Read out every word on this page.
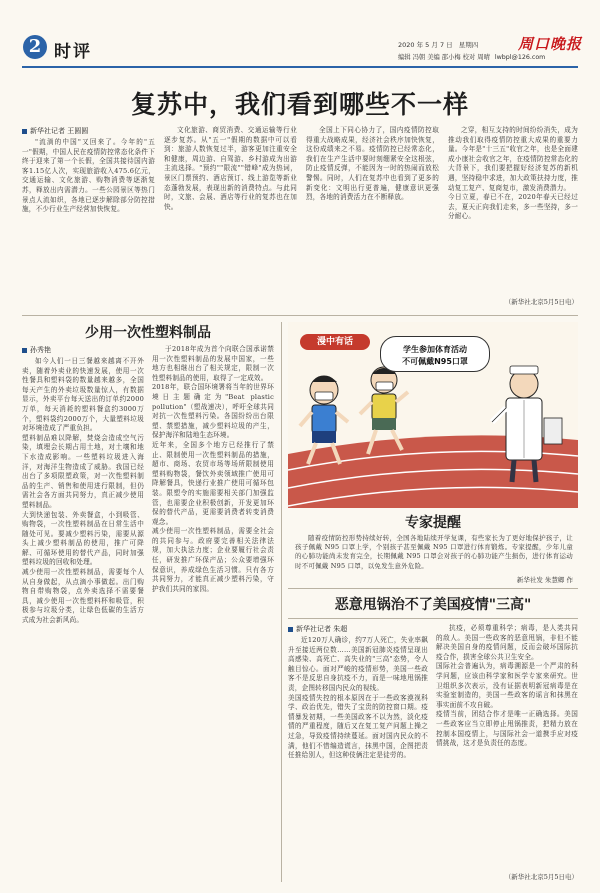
2 时评	2020 年 5 月 7 日 星期四
编辑 冯朝 美编 邵小梅 校对 周晴 lwbpl@126.com
周口晚报
复苏中，我们看到哪些不一样
新华社记者 王圆圆
"流淌的中国"又回来了。今年的"五一"假期，中国人民在疫情防控常态化条件下终于迎来了第一个长假，全国共接待国内游客1.15亿人次，实现旅游收入475.6亿元，交通运输、文化旅游、购物消费等逐渐复苏，释放出内需潜力。一些公园景区等热门景点人流如织，各地已逐步解除部分防控措施，不少行业生产经营加快恢复。
文化旅游、商贸消费、交通运输等行业逐步复苏。从"五一"假期的数据中可以看到：旅游人数恢复过半，游客更加注重安全和健康，周边游、自驾游、乡村游成为出游主流选择。"预约""限流""错峰"成为热词，景区门票预约、酒店预订、线上游览等新业态蓬勃发展，表现出新的消费特点。与此同时，文旅、会展、酒店等行业的复苏也在加快。
全国上下同心协力了，国内疫情防控取得重大战略成果，经济社会秩序加快恢复，这份成绩来之不易。疫情防控已经常态化，我们在生产生活中要时刻绷紧安全这根弦，防止疫情反弹，不能因为一时的热闹而放松警惕。同时，人们在复苏中也看到了更多的新变化：文明出行更普遍，健康意识更强烈，各地的消费活力在不断释放。
之穿，相互支持的时间纷纷消失，成为推动我们取得疫情防控重大成果的重要力量。今年是"十三五"收官之年，也是全面建成小康社会收官之年，在疫情防控常态化的大背景下，我们要把握好经济复苏的新机遇，坚持稳中求进，加大政策扶持力度，推动复工复产、复商复市，激发消费潜力。
今日立夏，春已不在，2020年春天已经过去，夏天正向我们走来，多一些坚持，多一分耐心。
（新华社北京5月5日电）
少用一次性塑料制品
孙秀艳
如今人们一日三餐越来越离不开外卖，随着外卖业的快速发展，使用一次性餐具和塑料袋的数量越来越多，全国每天产生的外卖垃圾数量惊人，有数据显示，外卖平台每天送出的订单约2000万单，每天消耗的塑料餐盒约3000万个，塑料袋约2000万个，大量塑料垃圾对环境造成了严重负担。
塑料制品难以降解，焚烧会造成空气污染，填埋会长期占用土地，对土壤和地下水造成影响。一些塑料垃圾进入海洋，对海洋生物造成了威胁。我国已经出台了多项限塑政策，对一次性塑料制品的生产、销售和使用进行限制，但仍需社会各方面共同努力，真正减少使用塑料制品。
大到快递包装、外卖餐盒，小到吸管、购物袋，一次性塑料制品在日常生活中随处可见。要减少塑料污染，需要从源头上减少塑料制品的使用，推广可降解、可循环使用的替代产品，同时加强塑料垃圾的回收和处理。
减少使用一次性塑料制品，需要每个人从自身做起，从点滴小事做起。出门购物自带购物袋，点外卖选择不需要餐具，减少使用一次性塑料杯和吸管，积极参与垃圾分类，让绿色低碳的生活方式成为社会新风尚。
于2018年成为首个向联合国承诺禁用一次性塑料制品的发展中国家，一些地方也相继出台了相关规定，限制一次性塑料制品的使用，取得了一定成效。
2018年，联合国环境署将当年的世界环境日主题确定为"Beat plastic pollution"（塑战速决），呼吁全球共同对抗一次性塑料污染。各国纷纷出台限塑、禁塑措施，减少塑料垃圾的产生，保护海洋和陆地生态环境。
近年来，全国多个地方已经推行了禁止、限制使用一次性塑料制品的措施，超市、商场、农贸市场等场所限制使用塑料购物袋，餐饮外卖领域推广使用可降解餐具，快递行业推广使用可循环包装。限塑令的实施需要相关部门加强监管，也需要企业积极创新，开发更加环保的替代产品，更需要消费者转变消费观念。
减少使用一次性塑料制品，需要全社会的共同参与。政府要完善相关法律法规，加大执法力度；企业要履行社会责任，研发推广环保产品；公众要增强环保意识，养成绿色生活习惯。只有各方共同努力，才能真正减少塑料污染，守护我们共同的家园。
漫中有话
学生参加体育活动
不可佩戴N95口罩
专家提醒
随着疫情防控形势持续好转，全国各地陆续开学复课，有些家长为了更好地保护孩子，让孩子佩戴 N95 口罩上学，个别孩子甚至佩戴 N95 口罩进行体育锻炼。专家提醒，少年儿童的心肺功能尚未发育完全，长期佩戴 N95 口罩会对孩子的心肺功能产生损伤，进行体育运动时不可佩戴 N95 口罩，以免发生意外危险。
新华社发 朱慧卿 作
恶意甩锅治不了美国疫情"三高"
新华社记者 朱超
近120万人确诊，约7万人死亡，失业率飙升至接近两位数……美国新冠肺炎疫情呈现出高感染、高死亡、高失业的"三高"态势，令人触目惊心。面对严峻的疫情形势，美国一些政客不是反思自身抗疫不力，而是一味地甩锅推责，企图转移国内民众的视线。
美国疫情失控的根本原因在于一些政客漠视科学、政治优先，错失了宝贵的防控窗口期。疫情暴发初期，一些美国政客不以为然，淡化疫情的严重程度，随后又在复工复产问题上操之过急，导致疫情持续蔓延。面对国内民众的不满，他们不惜编造谎言，抹黑中国，企图把责任推给别人，但这种伎俩注定是徒劳的。
抗疫，必须尊重科学；病毒，是人类共同的敌人。美国一些政客的恶意甩锅，非但不能解决美国自身的疫情问题，反而会破坏国际抗疫合作，损害全球公共卫生安全。
国际社会普遍认为，病毒溯源是一个严肃的科学问题，应该由科学家和医学专家来研究。世卫组织多次表示，没有证据表明新冠病毒是在实验室制造的，美国一些政客的谣言和抹黑在事实面前不攻自破。
疫情当前，团结合作才是唯一正确选择。美国一些政客应当立即停止甩锅推责，把精力放在控制本国疫情上，与国际社会一道携手应对疫情挑战，这才是负责任的态度。
（新华社北京5月5日电）
